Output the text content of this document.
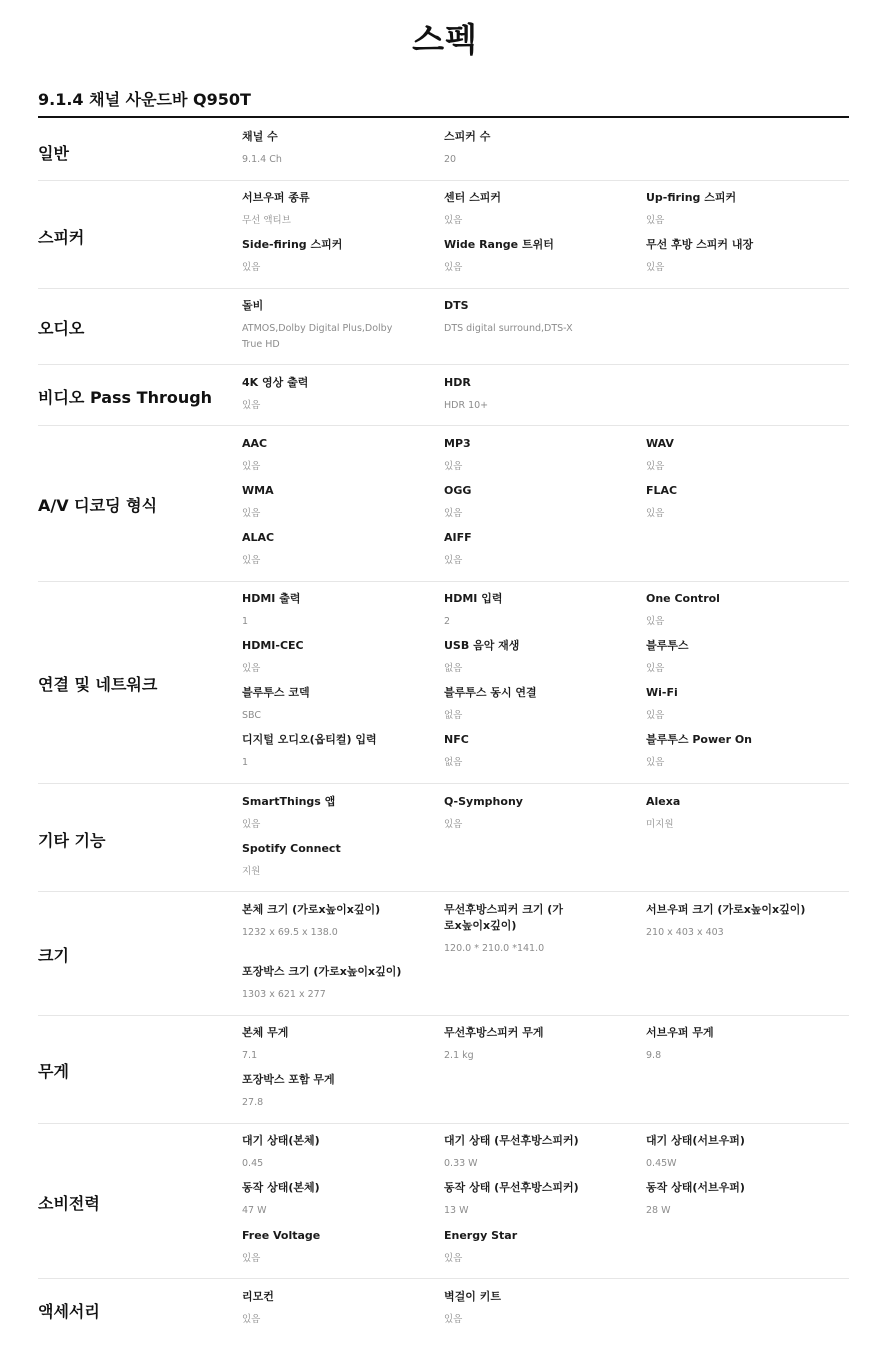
스펙
9.1.4 채널 사운드바 Q950T
일반
채널 수
9.1.4 Ch
스피커 수
20
스피커
서브우퍼 종류
무선 액티브
센터 스피커
있음
Up-firing 스피커
있음
Side-firing 스피커
있음
Wide Range 트위터
있음
무선 후방 스피커 내장
있음
오디오
돌비
ATMOS,Dolby Digital Plus,Dolby True HD
DTS
DTS digital surround,DTS-X
비디오 Pass Through
4K 영상 출력
있음
HDR
HDR 10+
A/V 디코딩 형식
AAC
있음
MP3
있음
WAV
있음
WMA
있음
OGG
있음
FLAC
있음
ALAC
있음
AIFF
있음
연결 및 네트워크
HDMI 출력
1
HDMI 입력
2
One Control
있음
HDMI-CEC
있음
USB 음악 재생
없음
블루투스
있음
블루투스 코덱
SBC
블루투스 동시 연결
없음
Wi-Fi
있음
디지털 오디오(옵티컬) 입력
1
NFC
없음
블루투스 Power On
있음
기타 기능
SmartThings 앱
있음
Q-Symphony
있음
Alexa
미지원
Spotify Connect
지원
크기
본체 크기 (가로x높이x깊이)
1232 x 69.5 x 138.0
무선후방스피커 크기 (가로x높이x깊이)
120.0 * 210.0 *141.0
서브우퍼 크기 (가로x높이x깊이)
210 x 403 x 403
포장박스 크기 (가로x높이x깊이)
1303 x 621 x 277
무게
본체 무게
7.1
무선후방스피커 무게
2.1 kg
서브우퍼 무게
9.8
포장박스 포함 무게
27.8
소비전력
대기 상태(본체)
0.45
대기 상태 (무선후방스피커)
0.33 W
대기 상태(서브우퍼)
0.45W
동작 상태(본체)
47 W
동작 상태 (무선후방스피커)
13 W
동작 상태(서브우퍼)
28 W
Free Voltage
있음
Energy Star
있음
액세서리
리모컨
있음
벽걸이 키트
있음
